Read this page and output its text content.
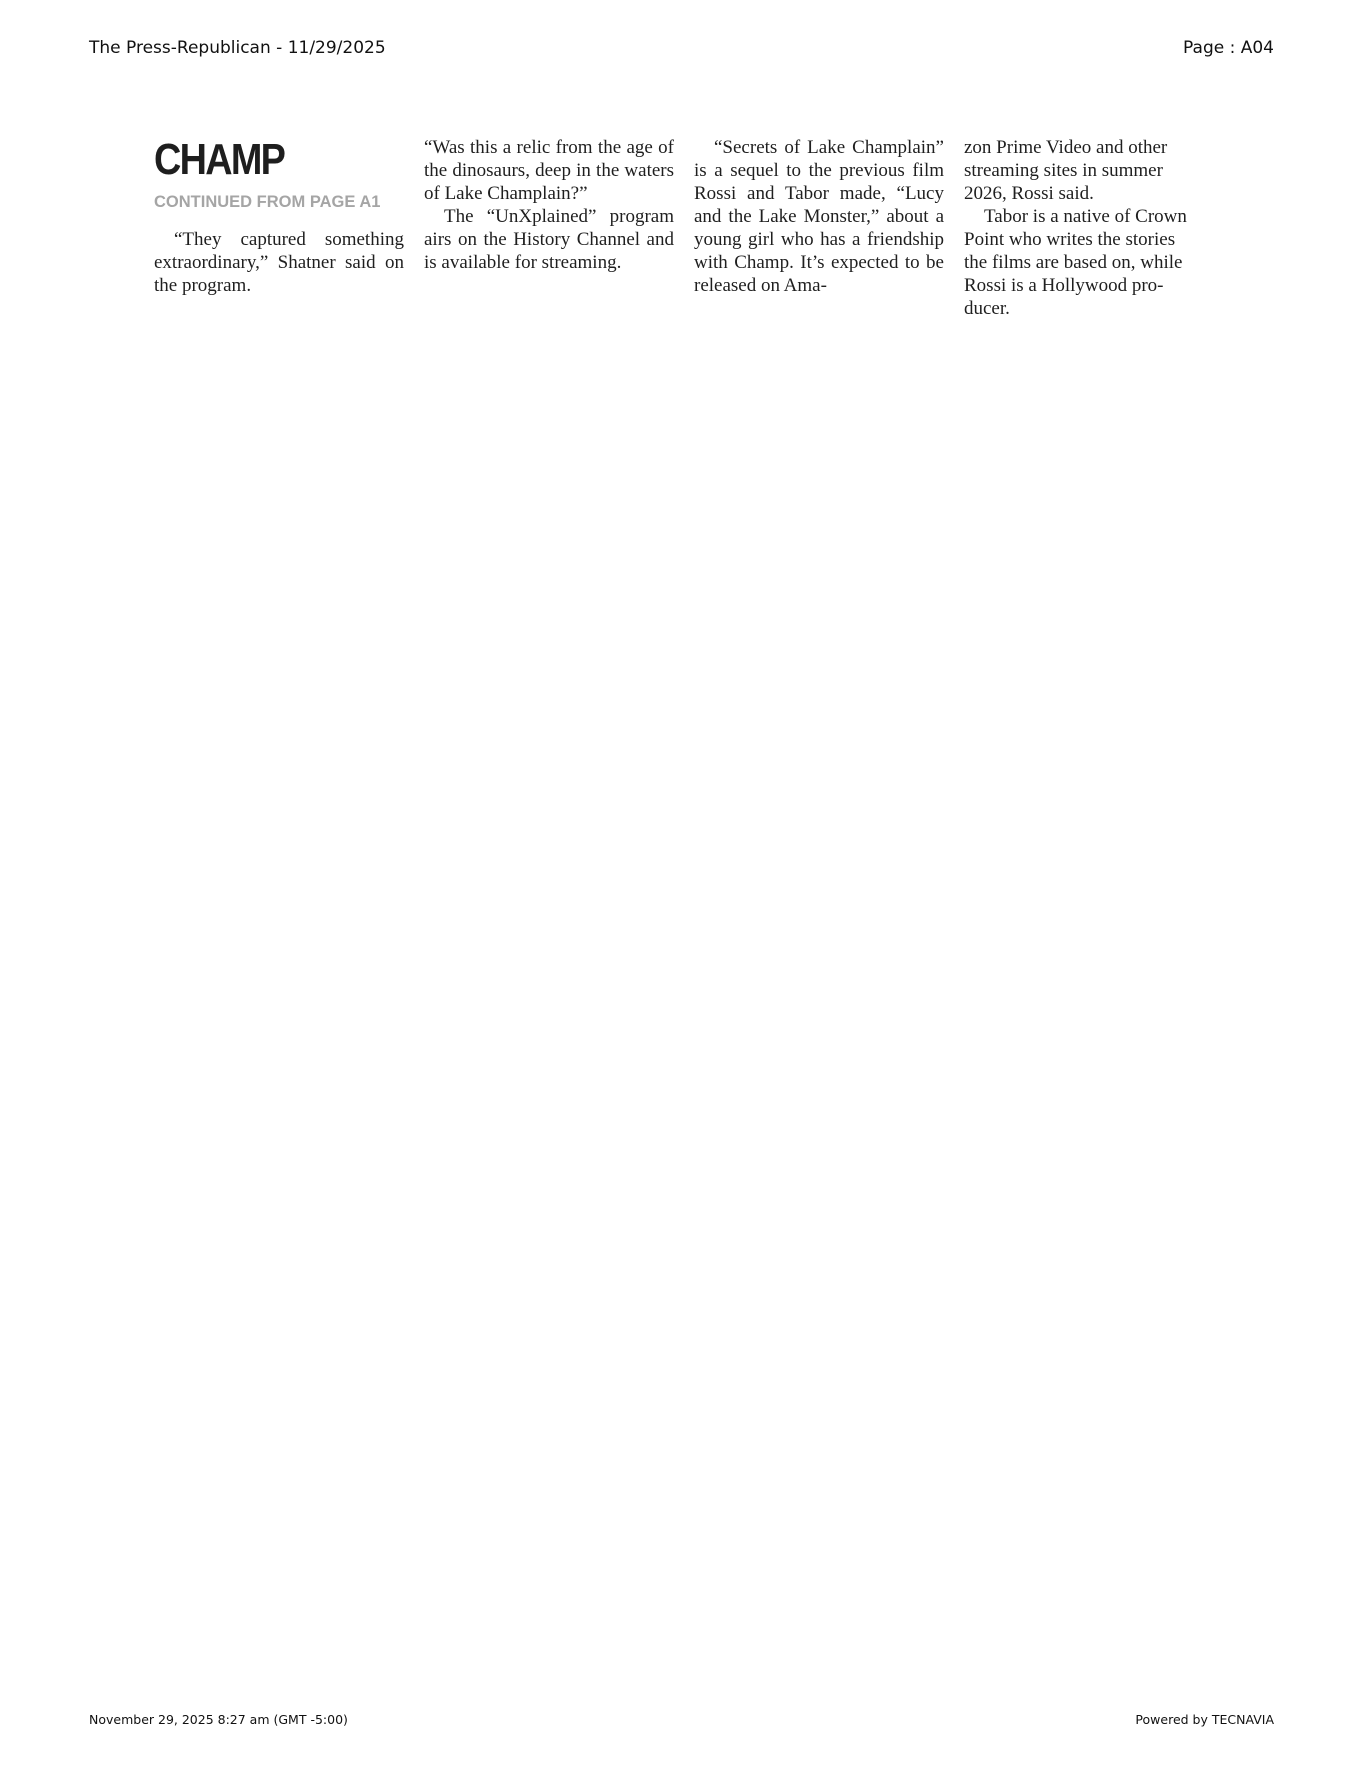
The Press-Republican - 11/29/2025	Page : A04
CHAMP
CONTINUED FROM PAGE A1

“They captured something extraordinary,” Shatner said on the program.

“Was this a relic from the age of the dinosaurs, deep in the waters of Lake Champlain?”

The “UnXplained” program airs on the History Channel and is available for streaming.

“Secrets of Lake Champlain” is a sequel to the previous film Rossi and Tabor made, “Lucy and the Lake Monster,” about a young girl who has a friendship with Champ. It’s expected to be released on Ama-

zon Prime Video and other

streaming sites in summer

2026, Rossi said.

Tabor is a native of Crown

Point who writes the stories

the films are based on, while

Rossi is a Hollywood pro-

ducer.

November 29, 2025 8:27 am (GMT -5:00)	Powered by TECNAVIA
